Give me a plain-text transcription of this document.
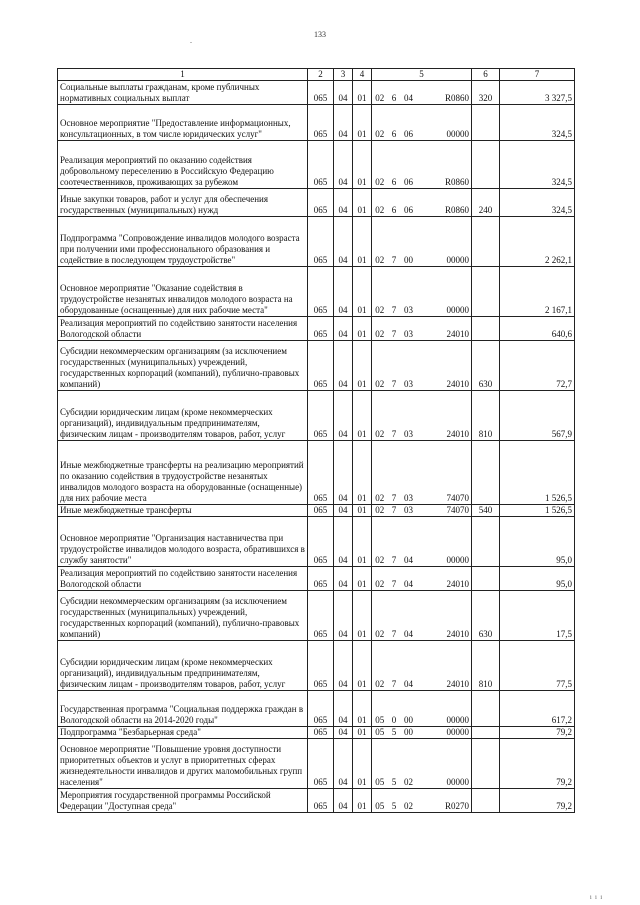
133
.
1	2	3	4	5				6	7
Социальные выплаты гражданам, кроме публичных нормативных социальных выплат	065	04	01	02	6	04	R0860	320	3 327,5
Основное мероприятие "Предоставление информационных, консультационных, в том числе юридических услуг"	065	04	01	02	6	06	00000		324,5
Реализация мероприятий по оказанию содействия добровольному переселению в Российскую Федерацию соотечественников, проживающих за рубежом	065	04	01	02	6	06	R0860		324,5
Иные закупки товаров, работ и услуг для обеспечения государственных (муниципальных) нужд	065	04	01	02	6	06	R0860	240	324,5
Подпрограмма "Сопровождение инвалидов молодого возраста при получении ими профессионального образования и содействие в последующем трудоустройстве"	065	04	01	02	7	00	00000		2 262,1
Основное мероприятие "Оказание содействия в трудоустройстве незанятых инвалидов молодого возраста на оборудованные (оснащенные) для них рабочие места"	065	04	01	02	7	03	00000		2 167,1
Реализация мероприятий по содействию занятости населения Вологодской области	065	04	01	02	7	03	24010		640,6
Субсидии некоммерческим организациям (за исключением государственных (муниципальных) учреждений, государственных корпораций (компаний), публично-правовых компаний)	065	04	01	02	7	03	24010	630	72,7
Субсидии юридическим лицам (кроме некоммерческих организаций), индивидуальным предпринимателям, физическим лицам - производителям товаров, работ, услуг	065	04	01	02	7	03	24010	810	567,9
Иные межбюджетные трансферты на реализацию мероприятий по оказанию содействия в трудоустройстве незанятых инвалидов молодого возраста на оборудованные (оснащенные) для них рабочие места	065	04	01	02	7	03	74070		1 526,5
Иные межбюджетные трансферты	065	04	01	02	7	03	74070	540	1 526,5
Основное мероприятие "Организация наставничества при трудоустройстве инвалидов молодого возраста, обратившихся в службу занятости"	065	04	01	02	7	04	00000		95,0
Реализация мероприятий по содействию занятости населения Вологодской области	065	04	01	02	7	04	24010		95,0
Субсидии некоммерческим организациям (за исключением государственных (муниципальных) учреждений, государственных корпораций (компаний), публично-правовых компаний)	065	04	01	02	7	04	24010	630	17,5
Субсидии юридическим лицам (кроме некоммерческих организаций), индивидуальным предпринимателям, физическим лицам - производителям товаров, работ, услуг	065	04	01	02	7	04	24010	810	77,5
Государственная программа "Социальная поддержка граждан в Вологодской области на 2014-2020 годы"	065	04	01	05	0	00	00000		617,2
Подпрограмма "Безбарьерная среда"	065	04	01	05	5	00	00000		79,2
Основное мероприятие "Повышение уровня доступности приоритетных объектов и услуг в приоритетных сферах жизнедеятельности инвалидов и других маломобильных групп населения"	065	04	01	05	5	02	00000		79,2
Мероприятия государственной программы Российской Федерации "Доступная среда"	065	04	01	05	5	02	R0270		79,2
i i i
